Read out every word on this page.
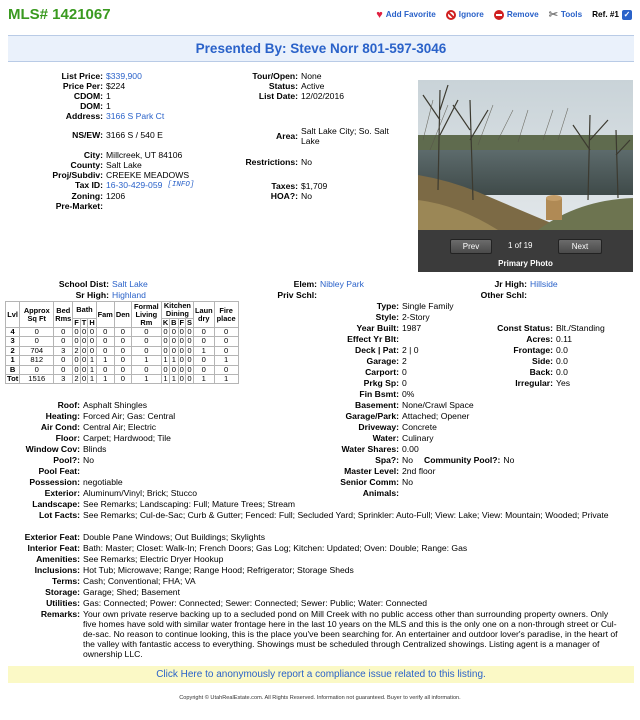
MLS# 1421067	♥ Add Favorite	Ignore	Remove ✂ Tools Ref. #1 ✓
Presented By: Steve Norr 801-597-3046
List Price: $339,900
Price Per: $224
CDOM: 1
DOM: 1
Address: 3166 S Park Ct
NS/EW: 3166 S / 540 E
City: Millcreek, UT 84106
County: Salt Lake
Proj/Subdiv: CREEKE MEADOWS
Tax ID: 16-30-429-059 [INFO]
Zoning: 1206
Pre-Market:
Tour/Open: None
Status: Active
List Date: 12/02/2016
Area: Salt Lake City; So. Salt Lake
Restrictions: No
Taxes: $1,709
HOA?: No
Prev	1 of 19	Next
Primary Photo
School Dist: Salt Lake
Sr High: Highland
Elem: Nibley Park
Priv Schl:
Jr High: Hillside
Other Schl:
Lvl	Approx Sq Ft	Bed Rms	Bath			Fam	Den	Formal Living Rm	Kitchen Dining				Laun dry	Fire place
			F	T	H				K	B	F	S		
4	0	0	0	0	0	0	0	0	0	0	0	0	0	0
3	0	0	0	0	0	0	0	0	0	0	0	0	0	0
2	704	3	2	0	0	0	0	0	0	0	0	0	1	0
1	812	0	0	0	1	1	0	1	1	1	0	0	0	1
B	0	0	0	0	1	0	0	0	0	0	0	0	0	0
Tot	1516	3	2	0	1	1	0	1	1	1	0	0	1	1
Type: Single Family
Style: 2-Story
Year Built: 1987
Effect Yr Blt:
Deck | Pat: 2 | 0
Garage: 2
Carport: 0
Prkg Sp: 0
Fin Bsmt: 0%
Const Status: Blt./Standing
Acres: 0.11
Frontage: 0.0
Side: 0.0
Back: 0.0
Irregular: Yes
Roof: Asphalt Shingles
Heating: Forced Air; Gas: Central
Air Cond: Central Air; Electric
Floor: Carpet; Hardwood; Tile
Window Cov: Blinds
Pool?: No
Pool Feat:
Possession: negotiable
Basement: None/Crawl Space
Garage/Park: Attached; Opener
Driveway: Concrete
Water: Culinary
Water Shares: 0.00
Spa?: No	Community Pool?: No
Master Level: 2nd floor
Senior Comm: No
Animals:
Exterior: Aluminum/Vinyl; Brick; Stucco
Landscape: See Remarks; Landscaping: Full; Mature Trees; Stream
Lot Facts: See Remarks; Cul-de-Sac; Curb & Gutter; Fenced: Full; Secluded Yard; Sprinkler: Auto-Full; View: Lake; View: Mountain; Wooded; Private
Exterior Feat: Double Pane Windows; Out Buildings; Skylights
Interior Feat: Bath: Master; Closet: Walk-In; French Doors; Gas Log; Kitchen: Updated; Oven: Double; Range: Gas
Amenities: See Remarks; Electric Dryer Hookup
Inclusions: Hot Tub; Microwave; Range; Range Hood; Refrigerator; Storage Sheds
Terms: Cash; Conventional; FHA; VA
Storage: Garage; Shed; Basement
Utilities: Gas: Connected; Power: Connected; Sewer: Connected; Sewer: Public; Water: Connected
Remarks: Your own private reserve backing up to a secluded pond on Mill Creek with no public access other than surrounding property owners. Only five homes have sold with similar water frontage here in the last 10 years on the MLS and this is the only one on a non-through street or Cul-de-sac. No reason to continue looking, this is the place you've been searching for. An entertainer and outdoor lover's paradise, in the heart of the valley with fantastic access to everything. Showings must be scheduled through Centralized showings. Listing agent is a manager of ownership LLC.
Click Here to anonymously report a compliance issue related to this listing.
Copyright © UtahRealEstate.com. All Rights Reserved. Information not guaranteed. Buyer to verify all information.
